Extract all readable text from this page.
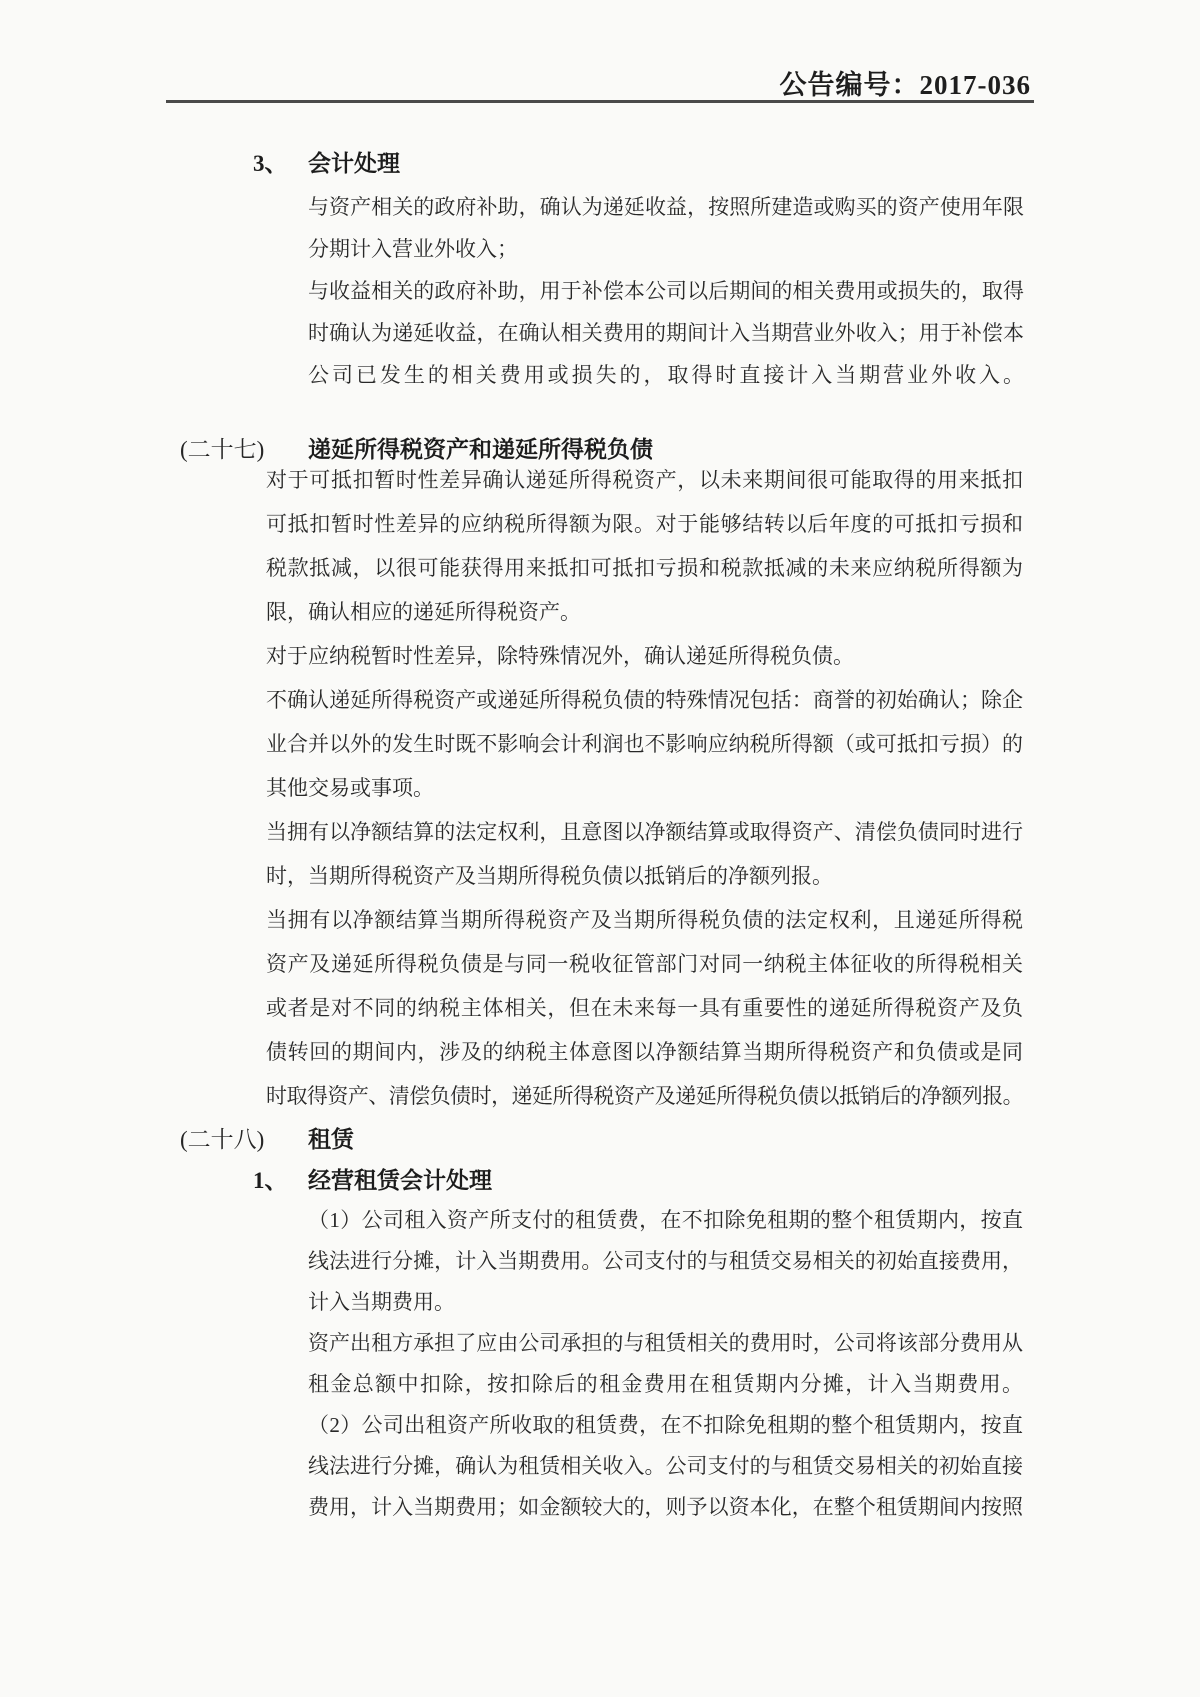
公告编号：2017-036
3、 会计处理
与资产相关的政府补助，确认为递延收益，按照所建造或购买的资产使用年限
分期计入营业外收入；
与收益相关的政府补助，用于补偿本公司以后期间的相关费用或损失的，取得
时确认为递延收益，在确认相关费用的期间计入当期营业外收入；用于补偿本
公司已发生的相关费用或损失的，取得时直接计入当期营业外收入。
(二十七) 递延所得税资产和递延所得税负债
对于可抵扣暂时性差异确认递延所得税资产，以未来期间很可能取得的用来抵扣
可抵扣暂时性差异的应纳税所得额为限。对于能够结转以后年度的可抵扣亏损和
税款抵减，以很可能获得用来抵扣可抵扣亏损和税款抵减的未来应纳税所得额为
限，确认相应的递延所得税资产。
对于应纳税暂时性差异，除特殊情况外，确认递延所得税负债。
不确认递延所得税资产或递延所得税负债的特殊情况包括：商誉的初始确认；除企
业合并以外的发生时既不影响会计利润也不影响应纳税所得额（或可抵扣亏损）的
其他交易或事项。
当拥有以净额结算的法定权利，且意图以净额结算或取得资产、清偿负债同时进行
时，当期所得税资产及当期所得税负债以抵销后的净额列报。
当拥有以净额结算当期所得税资产及当期所得税负债的法定权利，且递延所得税
资产及递延所得税负债是与同一税收征管部门对同一纳税主体征收的所得税相关
或者是对不同的纳税主体相关，但在未来每一具有重要性的递延所得税资产及负
债转回的期间内，涉及的纳税主体意图以净额结算当期所得税资产和负债或是同
时取得资产、清偿负债时，递延所得税资产及递延所得税负债以抵销后的净额列报。
(二十八) 租赁
1、 经营租赁会计处理
（1）公司租入资产所支付的租赁费，在不扣除免租期的整个租赁期内，按直
线法进行分摊，计入当期费用。公司支付的与租赁交易相关的初始直接费用，
计入当期费用。
资产出租方承担了应由公司承担的与租赁相关的费用时，公司将该部分费用从
租金总额中扣除，按扣除后的租金费用在租赁期内分摊，计入当期费用。
（2）公司出租资产所收取的租赁费，在不扣除免租期的整个租赁期内，按直
线法进行分摊，确认为租赁相关收入。公司支付的与租赁交易相关的初始直接
费用，计入当期费用；如金额较大的，则予以资本化，在整个租赁期间内按照
